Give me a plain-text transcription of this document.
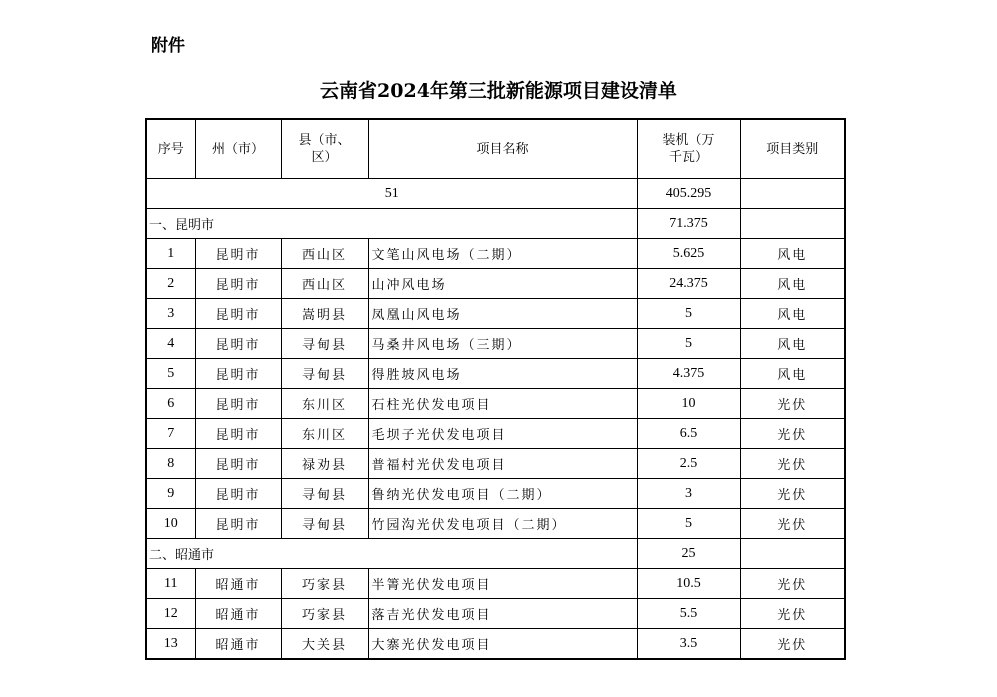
附件
云南省2024年第三批新能源项目建设清单
序号	州（市）	县（市、区）	项目名称	装机（万千瓦）	项目类别
51				405.295	
一、昆明市				71.375	
1	昆明市	西山区	文笔山风电场（二期）	5.625	风电
2	昆明市	西山区	山冲风电场	24.375	风电
3	昆明市	嵩明县	凤凰山风电场	5	风电
4	昆明市	寻甸县	马桑井风电场（三期）	5	风电
5	昆明市	寻甸县	得胜坡风电场	4.375	风电
6	昆明市	东川区	石柱光伏发电项目	10	光伏
7	昆明市	东川区	毛坝子光伏发电项目	6.5	光伏
8	昆明市	禄劝县	普福村光伏发电项目	2.5	光伏
9	昆明市	寻甸县	鲁纳光伏发电项目（二期）	3	光伏
10	昆明市	寻甸县	竹园沟光伏发电项目（二期）	5	光伏
二、昭通市				25	
11	昭通市	巧家县	半箐光伏发电项目	10.5	光伏
12	昭通市	巧家县	落吉光伏发电项目	5.5	光伏
13	昭通市	大关县	大寨光伏发电项目	3.5	光伏
